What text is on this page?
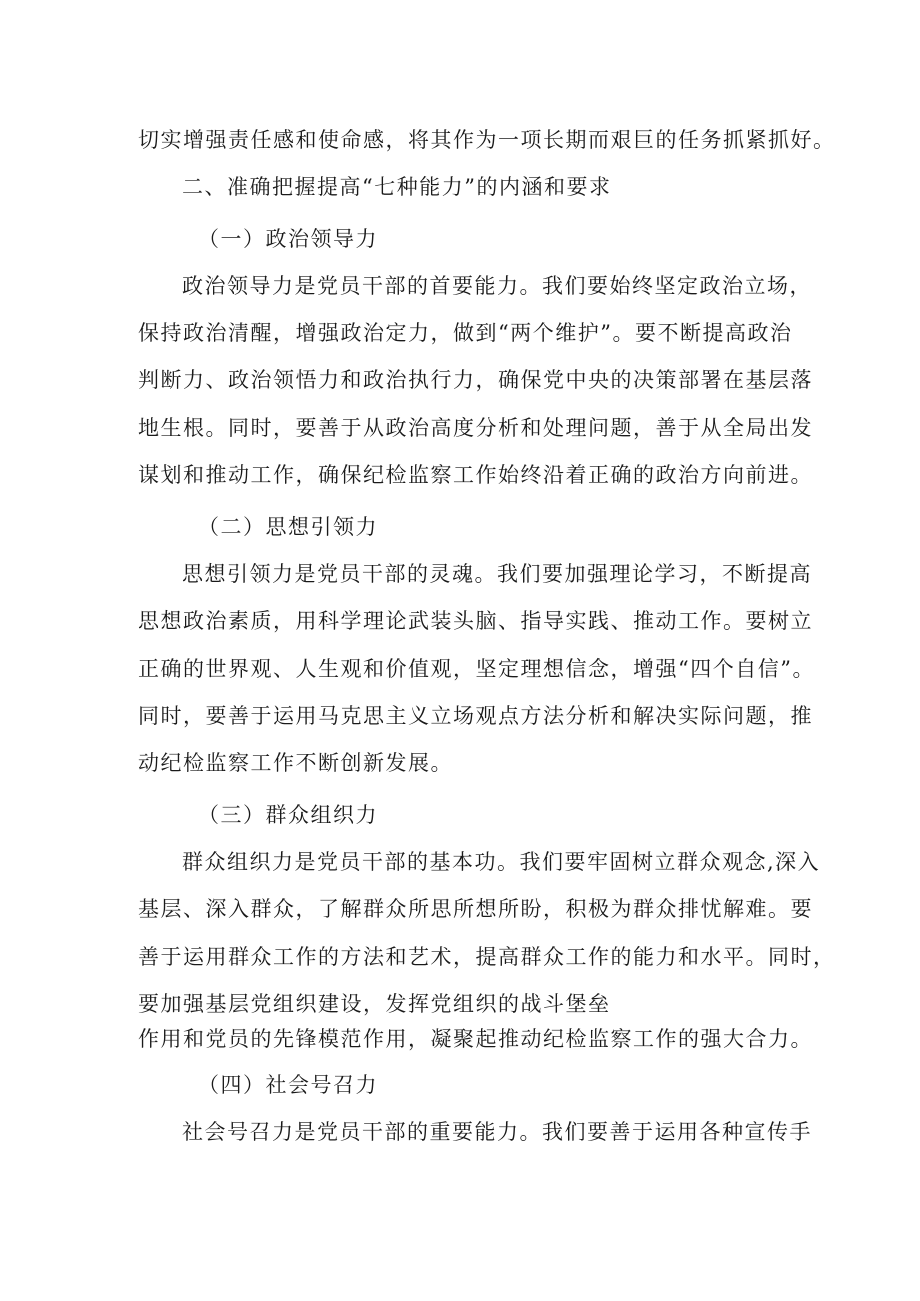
切实增强责任感和使命感，将其作为一项长期而艰巨的任务抓紧抓好。
二、准确把握提高“七种能力”的内涵和要求
（一）政治领导力
政治领导力是党员干部的首要能力。我们要始终坚定政治立场，
保持政治清醒，增强政治定力，做到“两个维护”。要不断提高政治
判断力、政治领悟力和政治执行力，确保党中央的决策部署在基层落
地生根。同时，要善于从政治高度分析和处理问题，善于从全局出发
谋划和推动工作，确保纪检监察工作始终沿着正确的政治方向前进。
（二）思想引领力
思想引领力是党员干部的灵魂。我们要加强理论学习，不断提高
思想政治素质，用科学理论武装头脑、指导实践、推动工作。要树立
正确的世界观、人生观和价值观，坚定理想信念，增强“四个自信”。
同时，要善于运用马克思主义立场观点方法分析和解决实际问题，推
动纪检监察工作不断创新发展。
（三）群众组织力
群众组织力是党员干部的基本功。我们要牢固树立群众观念,深入
基层、深入群众，了解群众所思所想所盼，积极为群众排忧解难。要
善于运用群众工作的方法和艺术，提高群众工作的能力和水平。同时，
要加强基层党组织建设，发挥党组织的战斗堡垒
作用和党员的先锋模范作用，凝聚起推动纪检监察工作的强大合力。
（四）社会号召力
社会号召力是党员干部的重要能力。我们要善于运用各种宣传手
